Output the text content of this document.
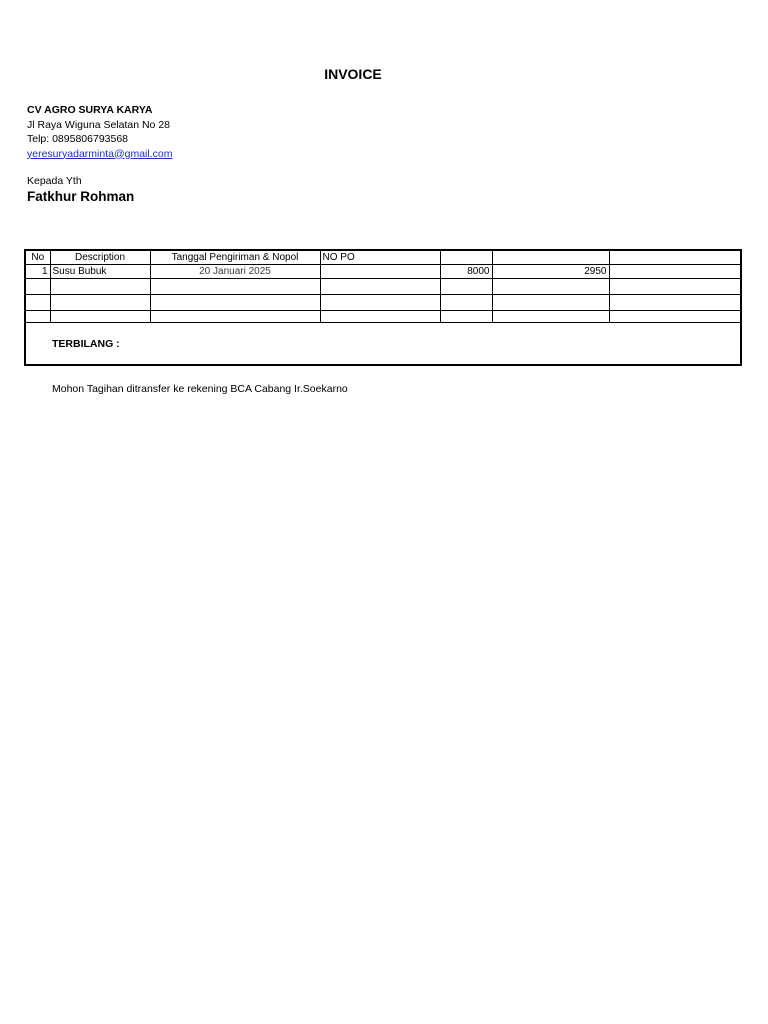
INVOICE
CV AGRO SURYA KARYA
Jl Raya Wiguna Selatan No 28
Telp: 0895806793568
yeresuryadarminta@gmail.com
Kepada Yth
Fatkhur Rohman
No	Description	Tanggal Pengiriman & Nopol	NO PO			
1	Susu Bubuk	20 Januari 2025		8000	2950	

TERBILANG :						
Mohon Tagihan ditransfer ke rekening BCA Cabang Ir.Soekarno
